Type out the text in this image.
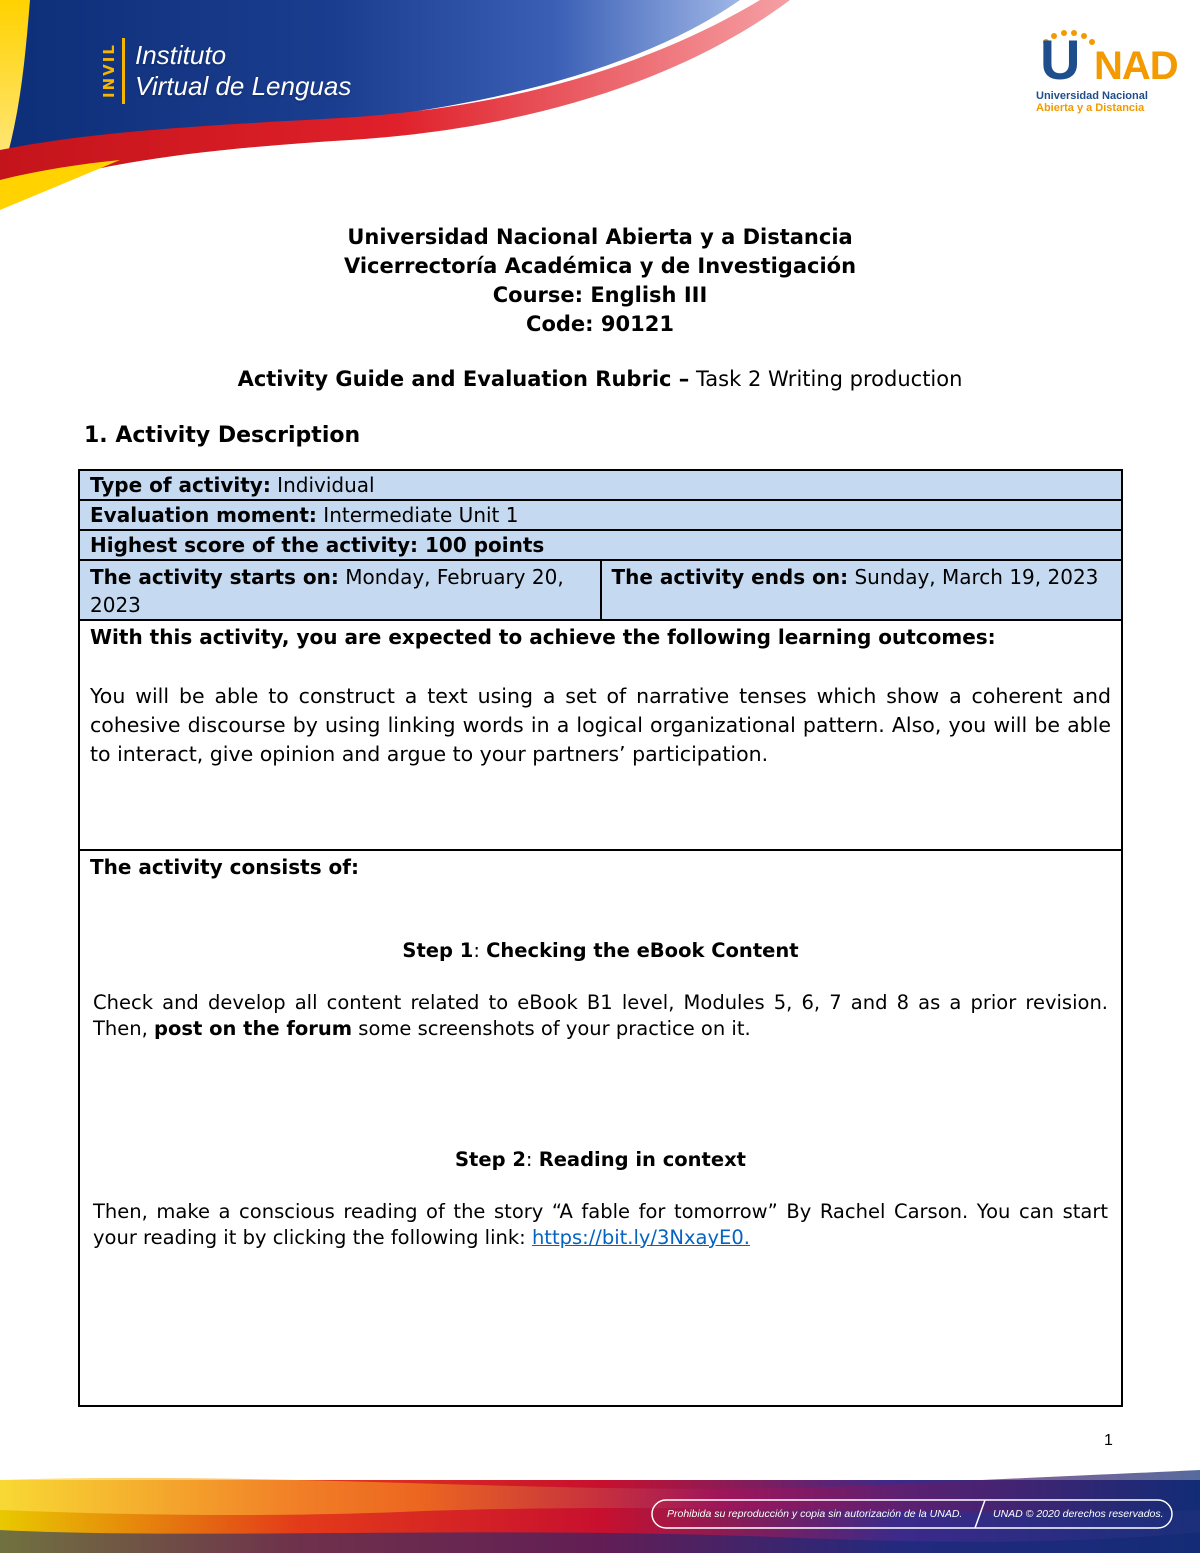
INVIL Instituto
Virtual de Lenguas	U NAD
Universidad Nacional
Abierta y a Distancia
Universidad Nacional Abierta y a Distancia
Vicerrectoría Académica y de Investigación
Course: English III
Code: 90121
Activity Guide and Evaluation Rubric – Task 2 Writing production
1. Activity Description
Type of activity: Individual
Evaluation moment: Intermediate Unit 1
Highest score of the activity: 100 points
The activity starts on: Monday, February 20, 2023	The activity ends on: Sunday, March 19, 2023

With this activity, you are expected to achieve the following learning outcomes:
You will be able to construct a text using a set of narrative tenses which show a coherent and cohesive discourse by using linking words in a logical organizational pattern. Also, you will be able to interact, give opinion and argue to your partners’ participation.

The activity consists of:
Step 1: Checking the eBook Content
Check and develop all content related to eBook B1 level, Modules 5, 6, 7 and 8 as a prior revision. Then, post on the forum some screenshots of your practice on it.
Step 2: Reading in context
Then, make a conscious reading of the story “A fable for tomorrow” By Rachel Carson. You can start your reading it by clicking the following link: https://bit.ly/3NxayE0.
1
Prohibida su reproducción y copia sin autorización de la UNAD.	UNAD © 2020 derechos reservados.
